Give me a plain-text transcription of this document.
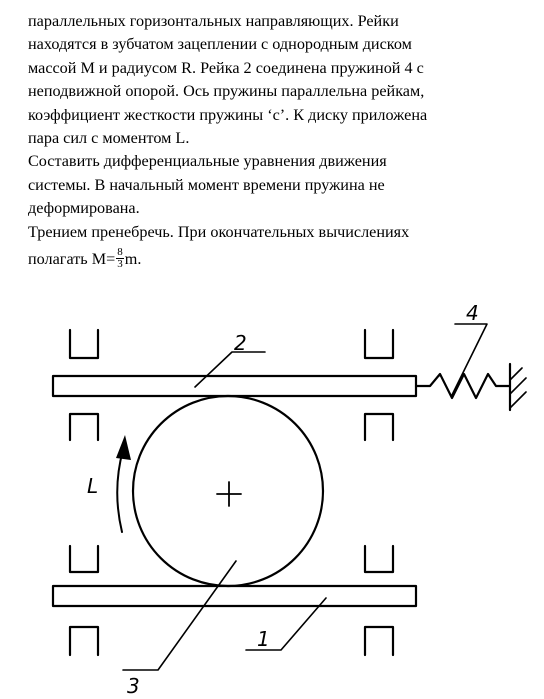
параллельных горизонтальных направляющих. Рейки

находятся в зубчатом зацеплении с однородным диском

массой M и радиусом R. Рейка 2 соединена пружиной 4 с

неподвижной опорой. Ось пружины параллельна рейкам,

коэффициент жесткости пружины ‘c’. К диску приложена

пара сил с моментом L.

Составить дифференциальные уравнения движения

системы. В начальный момент времени пружина не

деформирована.

Трением пренебречь. При окончательных вычислениях

полагать $M= \frac{8}{3} m$.

2
4
L
1
3
